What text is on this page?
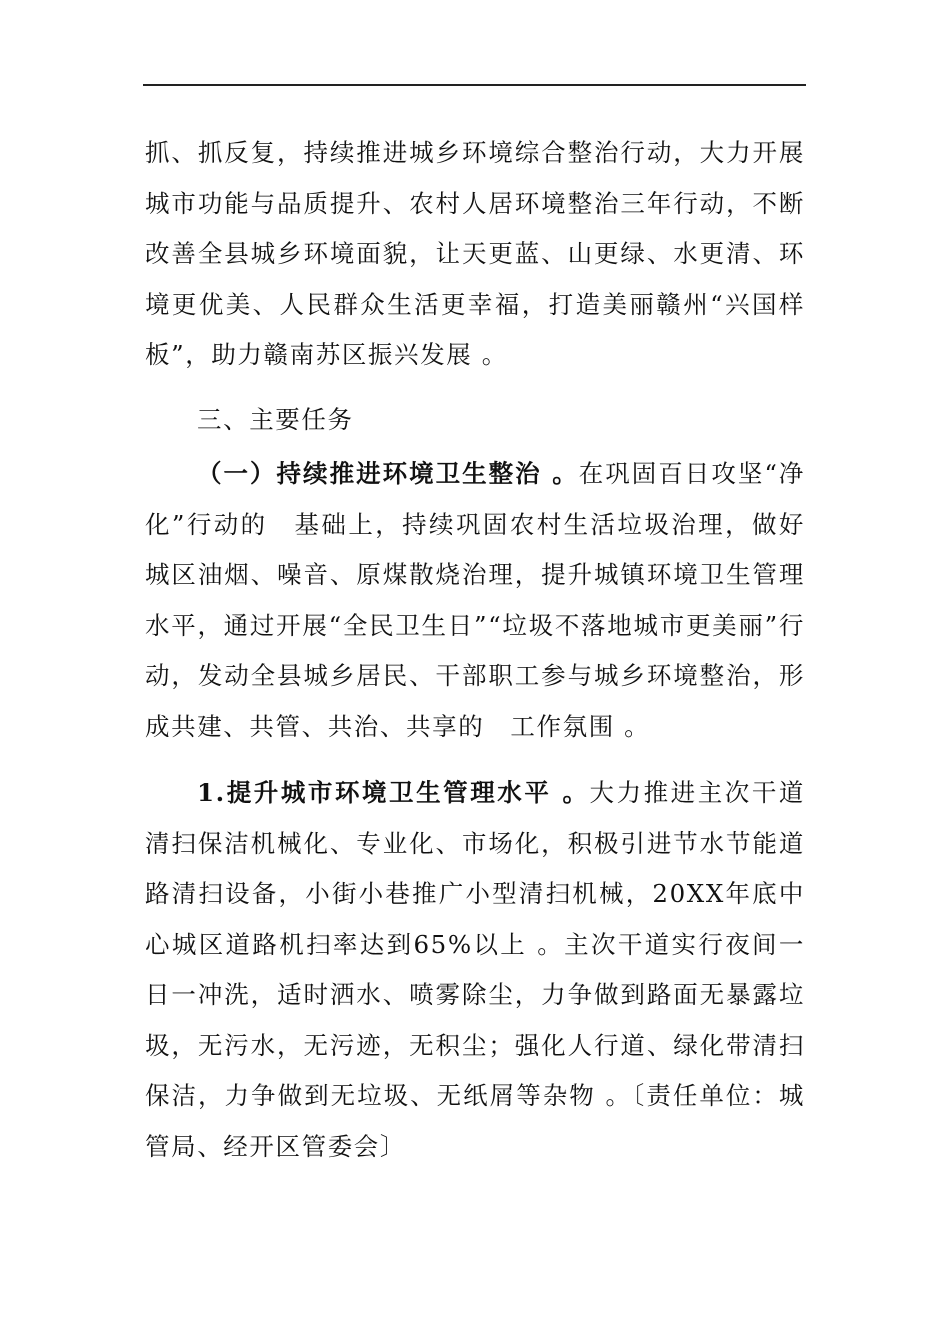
抓、抓反复，持续推进城乡环境综合整治行动，大力开展城市功能与品质提升、农村人居环境整治三年行动，不断改善全县城乡环境面貌，让天更蓝、山更绿、水更清、环境更优美、人民群众生活更幸福，打造美丽赣州“兴国样板”，助力赣南苏区振兴发展 。

三、主要任务

（一）持续推进环境卫生整治 。在巩固百日攻坚“净化”行动的　基础上，持续巩固农村生活垃圾治理，做好城区油烟、噪音、原煤散烧治理，提升城镇环境卫生管理水平，通过开展“全民卫生日”“垃圾不落地城市更美丽”行动，发动全县城乡居民、干部职工参与城乡环境整治，形成共建、共管、共治、共享的　工作氛围 。

1.提升城市环境卫生管理水平 。大力推进主次干道清扫保洁机械化、专业化、市场化，积极引进节水节能道路清扫设备，小街小巷推广小型清扫机械，20XX年底中心城区道路机扫率达到65%以上 。主次干道实行夜间一日一冲洗，适时洒水、喷雾除尘，力争做到路面无暴露垃圾，无污水，无污迹，无积尘；强化人行道、绿化带清扫保洁，力争做到无垃圾、无纸屑等杂物 。〔责任单位：城管局、经开区管委会〕
